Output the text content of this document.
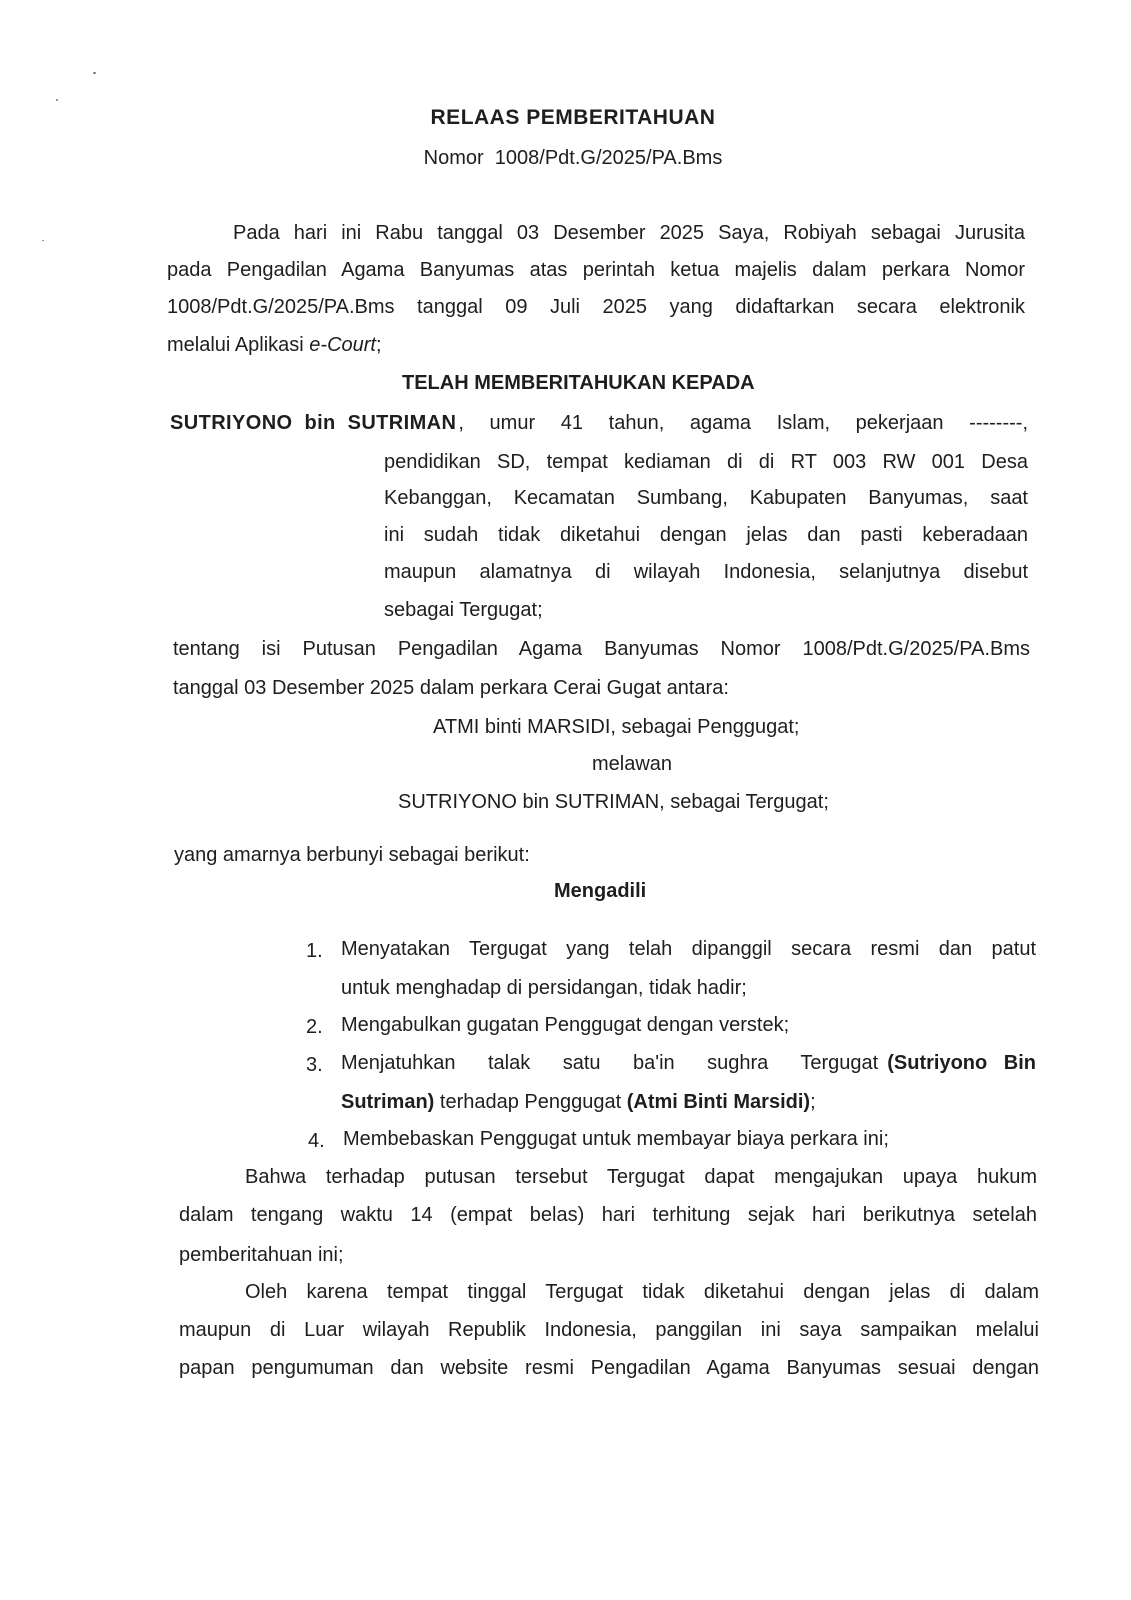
RELAAS PEMBERITAHUAN
Nomor  1008/Pdt.G/2025/PA.Bms
Pada hari ini Rabu tanggal 03 Desember 2025 Saya, Robiyah sebagai Jurusita
pada Pengadilan Agama Banyumas atas perintah ketua majelis dalam perkara Nomor
1008/Pdt.G/2025/PA.Bms tanggal 09 Juli 2025 yang didaftarkan secara elektronik
melalui Aplikasi e-Court;
TELAH MEMBERITAHUKAN KEPADA
SUTRIYONO bin SUTRIMAN , umur 41 tahun, agama Islam, pekerjaan --------,
pendidikan SD, tempat kediaman di di RT 003 RW 001 Desa
Kebanggan, Kecamatan Sumbang, Kabupaten Banyumas, saat
ini sudah tidak diketahui dengan jelas dan pasti keberadaan
maupun alamatnya di wilayah Indonesia, selanjutnya disebut
sebagai Tergugat;
tentang isi Putusan Pengadilan Agama Banyumas Nomor 1008/Pdt.G/2025/PA.Bms
tanggal 03 Desember 2025 dalam perkara Cerai Gugat antara:
ATMI binti MARSIDI, sebagai Penggugat;
melawan
SUTRIYONO bin SUTRIMAN, sebagai Tergugat;
yang amarnya berbunyi sebagai berikut:
Mengadili
1. Menyatakan Tergugat yang telah dipanggil secara resmi dan patut
untuk menghadap di persidangan, tidak hadir;
2. Mengabulkan gugatan Penggugat dengan verstek;
3. Menjatuhkan talak satu ba'in sughra Tergugat (Sutriyono Bin
Sutriman) terhadap Penggugat (Atmi Binti Marsidi);
4. Membebaskan Penggugat untuk membayar biaya perkara ini;
Bahwa terhadap putusan tersebut Tergugat dapat mengajukan upaya hukum
dalam tengang waktu 14 (empat belas) hari terhitung sejak hari berikutnya setelah
pemberitahuan ini;
Oleh karena tempat tinggal Tergugat tidak diketahui dengan jelas di dalam
maupun di Luar wilayah Republik Indonesia, panggilan ini saya sampaikan melalui
papan pengumuman dan website resmi Pengadilan Agama Banyumas sesuai dengan
